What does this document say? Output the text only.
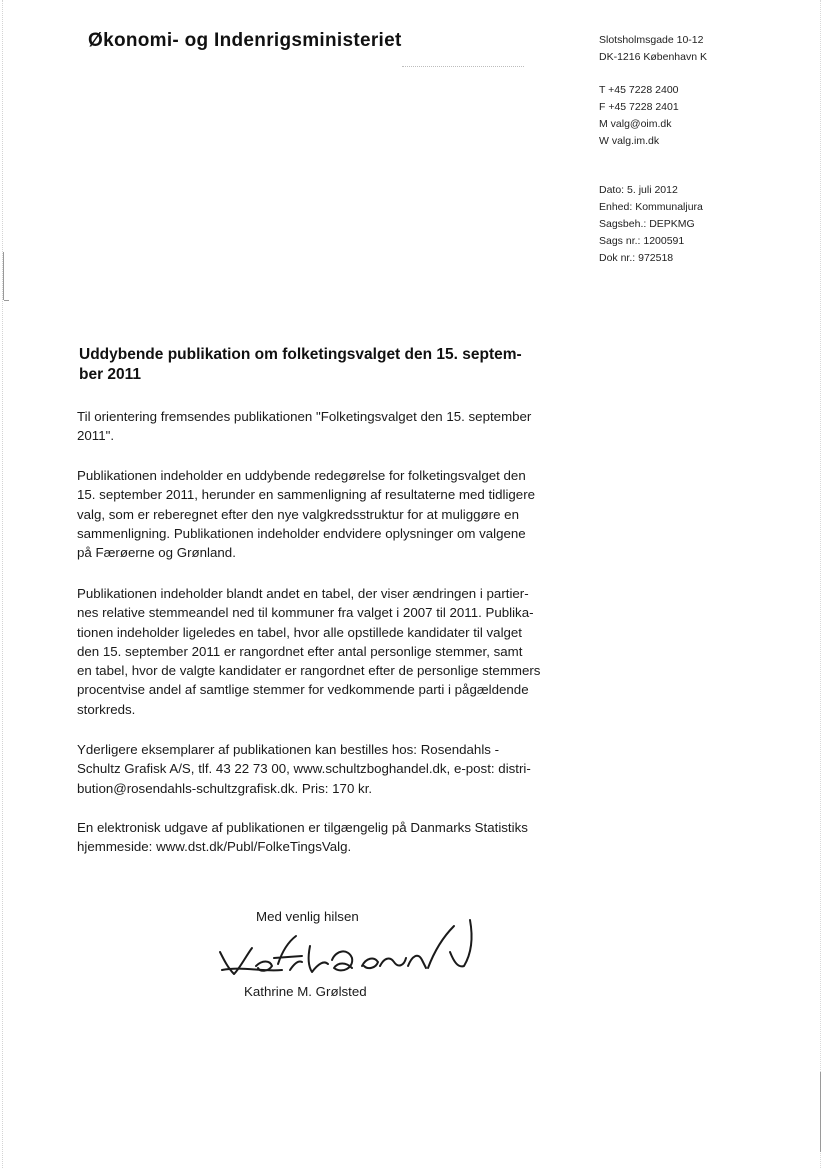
Økonomi- og Indenrigsministeriet	Slotsholmsgade 10-12
DK-1216 København K
T +45 7228 2400
F +45 7228 2401
M valg@oim.dk
W valg.im.dk
Dato: 5. juli 2012
Enhed: Kommunaljura
Sagsbeh.: DEPKMG
Sags nr.: 1200591
Dok nr.: 972518
Uddybende publikation om folketingsvalget den 15. septem-
ber 2011
Til orientering fremsendes publikationen "Folketingsvalget den 15. september
2011".
Publikationen indeholder en uddybende redegørelse for folketingsvalget den
15. september 2011, herunder en sammenligning af resultaterne med tidligere
valg, som er reberegnet efter den nye valgkredsstruktur for at muliggøre en
sammenligning. Publikationen indeholder endvidere oplysninger om valgene
på Færøerne og Grønland.
Publikationen indeholder blandt andet en tabel, der viser ændringen i partier-
nes relative stemmeandel ned til kommuner fra valget i 2007 til 2011. Publika-
tionen indeholder ligeledes en tabel, hvor alle opstillede kandidater til valget
den 15. september 2011 er rangordnet efter antal personlige stemmer, samt
en tabel, hvor de valgte kandidater er rangordnet efter de personlige stemmers
procentvise andel af samtlige stemmer for vedkommende parti i pågældende
storkreds.
Yderligere eksemplarer af publikationen kan bestilles hos: Rosendahls -
Schultz Grafisk A/S, tlf. 43 22 73 00, www.schultzboghandel.dk, e-post: distri-
bution@rosendahls-schultzgrafisk.dk. Pris: 170 kr.
En elektronisk udgave af publikationen er tilgængelig på Danmarks Statistiks
hjemmeside: www.dst.dk/Publ/FolkeTingsValg.
Med venlig hilsen
Kathrine M. Grølsted
Kathrine M. Grølsted
